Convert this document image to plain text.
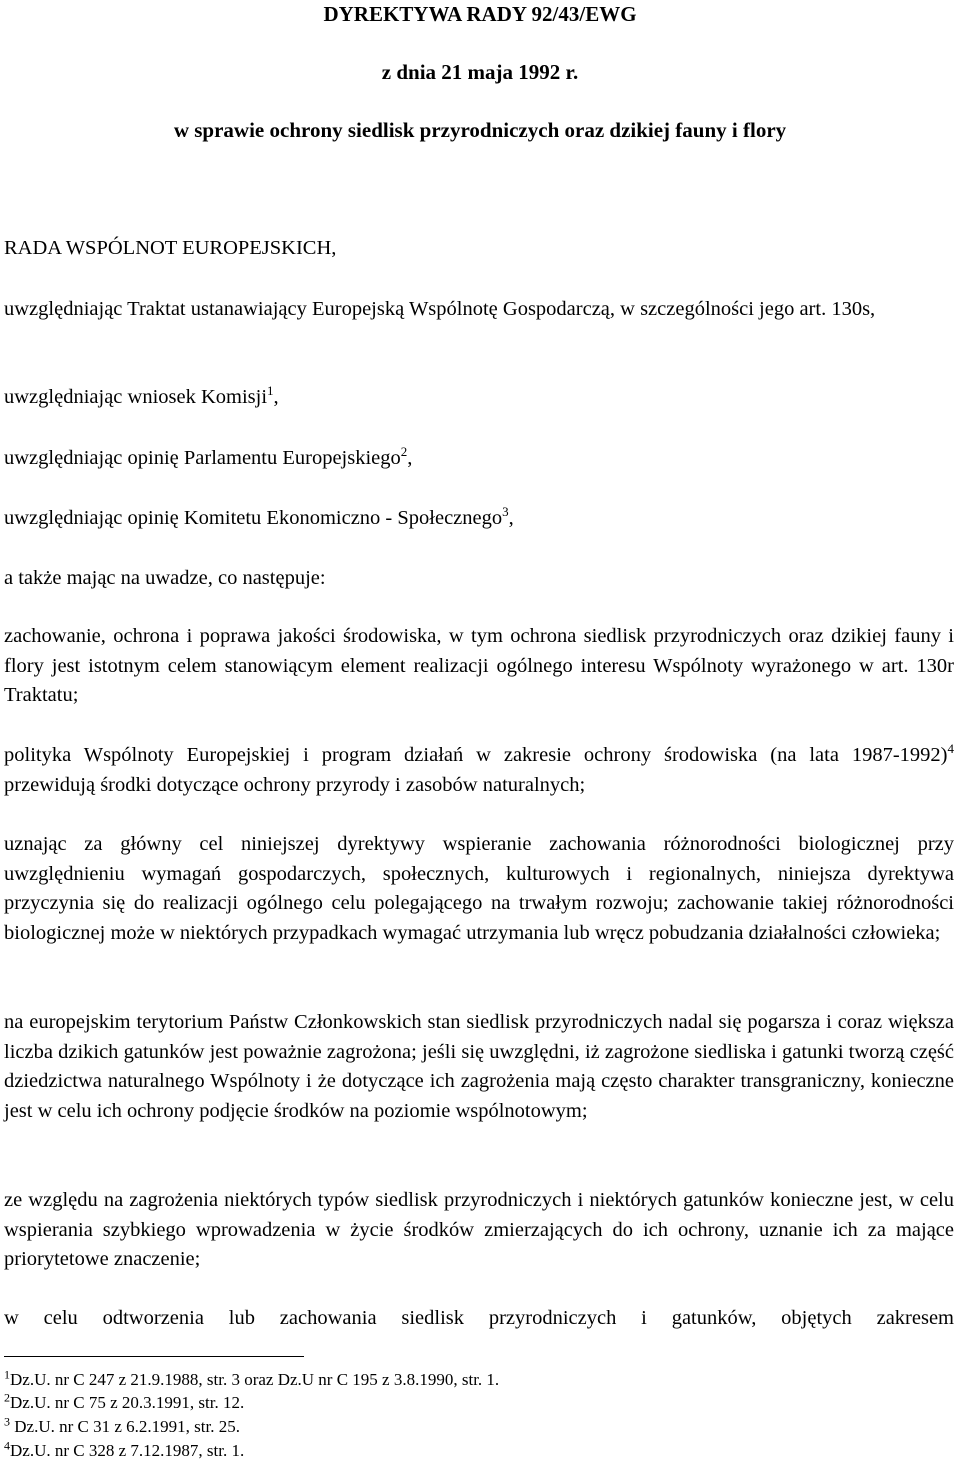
DYREKTYWA RADY 92/43/EWG

z dnia 21 maja 1992 r.

w sprawie ochrony siedlisk przyrodniczych oraz dzikiej fauny i flory

RADA WSPÓLNOT EUROPEJSKICH,

uwzględniając Traktat ustanawiający Europejską Wspólnotę Gospodarczą, w szczególności jego art. 130s,

uwzględniając wniosek Komisji$^1$,

uwzględniając opinię Parlamentu Europejskiego$^2$,

uwzględniając opinię Komitetu Ekonomiczno - Społecznego$^3$,

a także mając na uwadze, co następuje:

zachowanie, ochrona i poprawa jakości środowiska, w tym ochrona siedlisk przyrodniczych oraz dzikiej fauny i flory jest istotnym celem stanowiącym element realizacji ogólnego interesu Wspólnoty wyrażonego w art. 130r Traktatu;

polityka Wspólnoty Europejskiej i program działań w zakresie ochrony środowiska (na lata 1987-1992)$^4$ przewidują środki dotyczące ochrony przyrody i zasobów naturalnych;

uznając za główny cel niniejszej dyrektywy wspieranie zachowania różnorodności biologicznej przy uwzględnieniu wymagań gospodarczych, społecznych, kulturowych i regionalnych, niniejsza dyrektywa przyczynia się do realizacji ogólnego celu polegającego na trwałym rozwoju; zachowanie takiej różnorodności biologicznej może w niektórych przypadkach wymagać utrzymania lub wręcz pobudzania działalności człowieka;

na europejskim terytorium Państw Członkowskich stan siedlisk przyrodniczych nadal się pogarsza i coraz większa liczba dzikich gatunków jest poważnie zagrożona; jeśli się uwzględni, iż zagrożone siedliska i gatunki tworzą część dziedzictwa naturalnego Wspólnoty i że dotyczące ich zagrożenia mają często charakter transgraniczny, konieczne jest w celu ich ochrony podjęcie środków na poziomie wspólnotowym;

ze względu na zagrożenia niektórych typów siedlisk przyrodniczych i niektórych gatunków konieczne jest, w celu wspierania szybkiego wprowadzenia w życie środków zmierzających do ich ochrony, uznanie ich za mające priorytetowe znaczenie;

w celu odtworzenia lub zachowania siedlisk przyrodniczych i gatunków, objętych zakresem

$^1$Dz.U. nr C 247 z 21.9.1988, str. 3 oraz Dz.U nr C 195 z 3.8.1990, str. 1.

$^2$Dz.U. nr C 75 z 20.3.1991, str. 12.

$^3$ Dz.U. nr C 31 z 6.2.1991, str. 25.

$^4$Dz.U. nr C 328 z 7.12.1987, str. 1.
